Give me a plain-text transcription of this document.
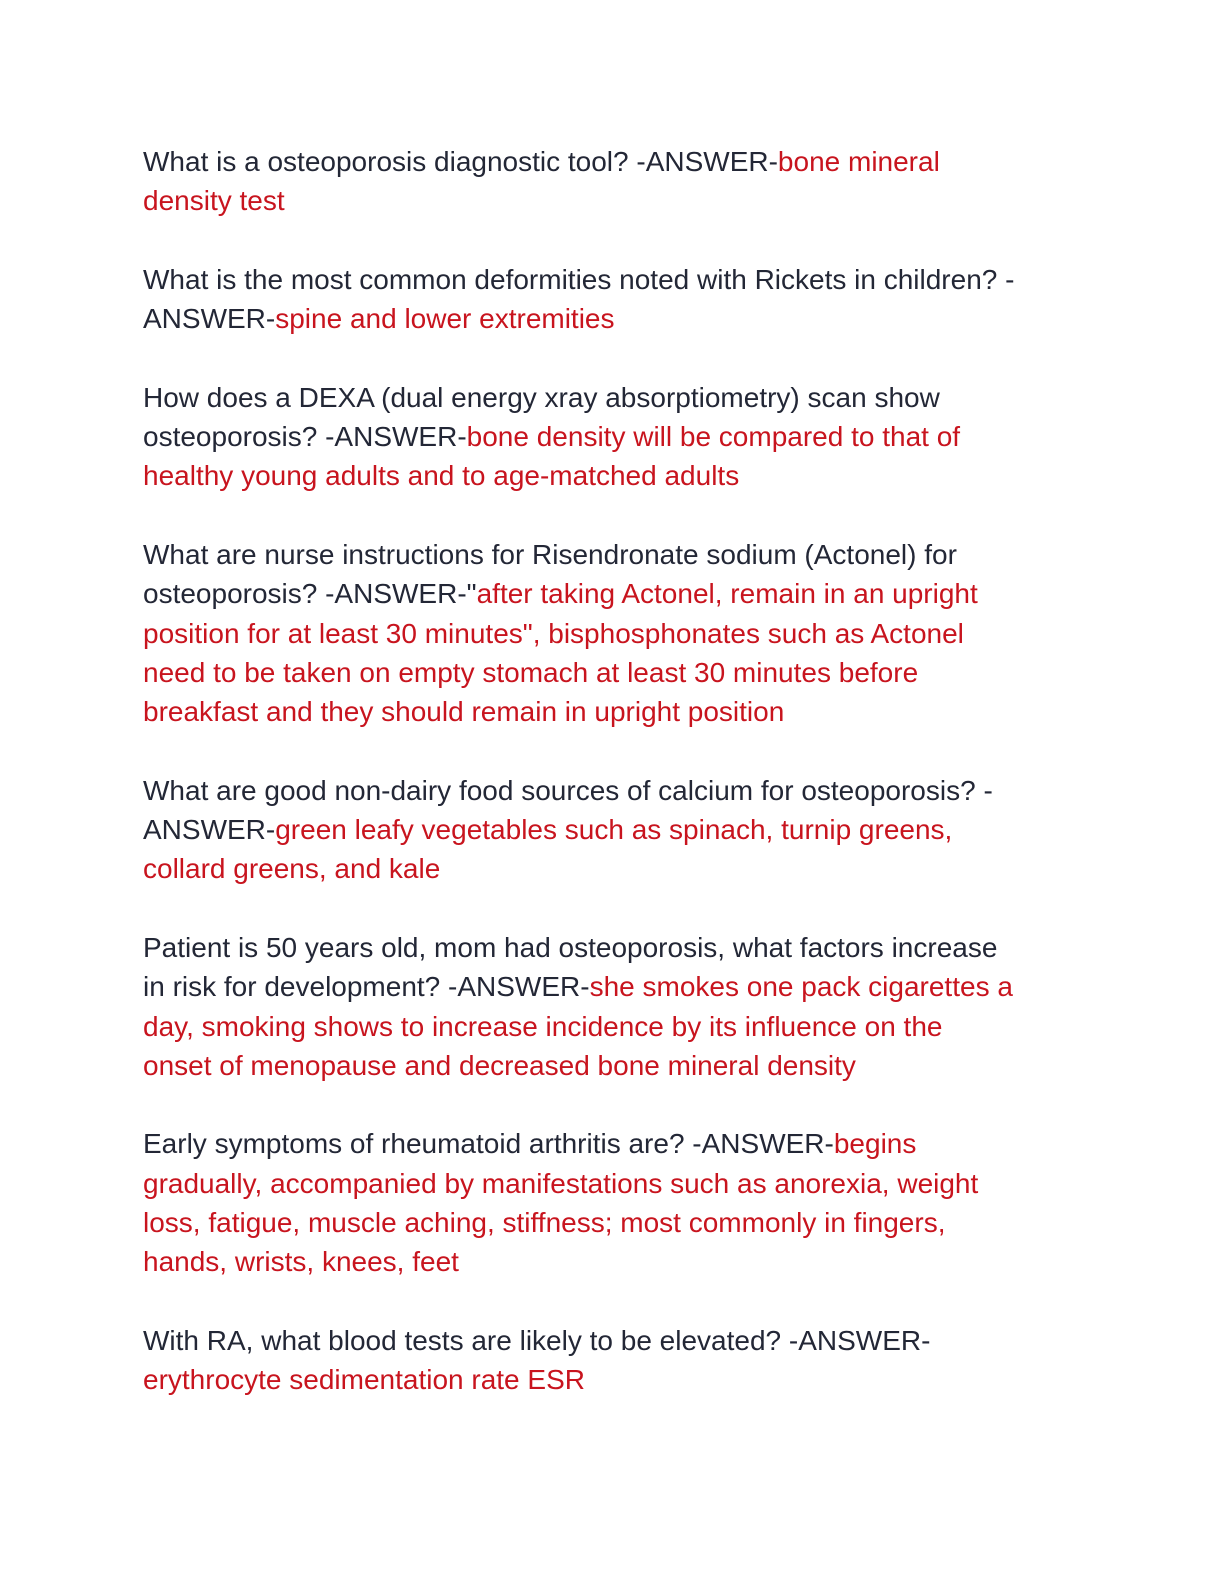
What is a osteoporosis diagnostic tool? -ANSWER-bone mineral
density test

What is the most common deformities noted with Rickets in children? -
ANSWER-spine and lower extremities

How does a DEXA (dual energy xray absorptiometry) scan show
osteoporosis? -ANSWER-bone density will be compared to that of
healthy young adults and to age-matched adults

What are nurse instructions for Risendronate sodium (Actonel) for
osteoporosis? -ANSWER-"after taking Actonel, remain in an upright
position for at least 30 minutes", bisphosphonates such as Actonel
need to be taken on empty stomach at least 30 minutes before
breakfast and they should remain in upright position

What are good non-dairy food sources of calcium for osteoporosis? -
ANSWER-green leafy vegetables such as spinach, turnip greens,
collard greens, and kale

Patient is 50 years old, mom had osteoporosis, what factors increase
in risk for development? -ANSWER-she smokes one pack cigarettes a
day, smoking shows to increase incidence by its influence on the
onset of menopause and decreased bone mineral density

Early symptoms of rheumatoid arthritis are? -ANSWER-begins
gradually, accompanied by manifestations such as anorexia, weight
loss, fatigue, muscle aching, stiffness; most commonly in fingers,
hands, wrists, knees, feet

With RA, what blood tests are likely to be elevated? -ANSWER-
erythrocyte sedimentation rate ESR
